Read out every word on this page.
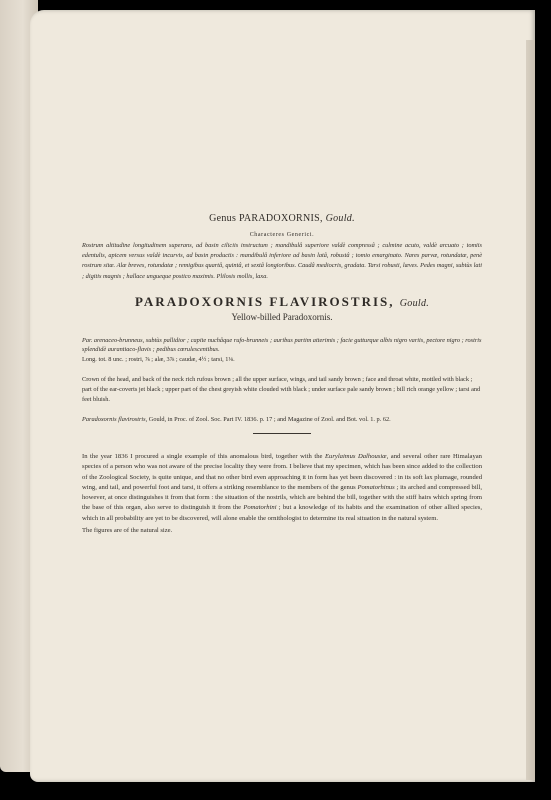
Genus PARADOXORNIS, Gould.

Characteres Generici.

Rostrum altitudine longitudinem superans, ad basin ciliciis instructum ; mandibulâ superiore valdè compressâ ; culmine acuto, valdè arcuato ; tomiis edentulis, apicem versus valdè incurvis, ad basin productis : mandibulâ inferiore ad basin latâ, robustâ ; tomio emarginato. Nares parvæ, rotundatæ, penè rostrum sitæ. Alæ breves, rotundatæ ; remigibus quartâ, quintâ, et sextâ longioribus. Caudâ mediocris, gradata. Tarsi robusti, læves. Pedes magni, subtùs lati ; digitis magnis ; hallace ungueque postico maximis. Plilosis mollis, laxa.

PARADOXORNIS FLAVIROSTRIS, Gould.

Yellow-billed Paradoxornis.

Par. arenaceo-brunneus, subtùs pallidior ; capite nuchâque rufo-brunneis ; auribus partim atterimis ; facie gutturque albis nigro variis, pectore nigro ; rostris splendidè aurantiaco-flavis ; pedibus cœrulescentibus.

Long. tot. 8 unc. ; rostri, ⅞ ; alæ, 3⅞ ; caudæ, 4½ ; tarsi, 1⅛.

Crown of the head, and back of the neck rich rufous brown ; all the upper surface, wings, and tail sandy brown ; face and throat white, mottled with black ; part of the ear-coverts jet black ; upper part of the chest greyish white clouded with black ; under surface pale sandy brown ; bill rich orange yellow ; tarsi and feet bluish.

Paradoxornis flavirostris, Gould, in Proc. of Zool. Soc. Part IV. 1836. p. 17 ; and Magazine of Zool. and Bot. vol. 1. p. 62.

In the year 1836 I procured a single example of this anomalous bird, together with the Eurylaimus Dalhousiæ, and several other rare Himalayan species of a person who was not aware of the precise locality they were from. I believe that my specimen, which has been since added to the collection of the Zoological Society, is quite unique, and that no other bird even approaching it in form has yet been discovered : in its soft lax plumage, rounded wing, and tail, and powerful foot and tarsi, it offers a striking resemblance to the members of the genus Pomatorhinus ; its arched and compressed bill, however, at once distinguishes it from that form : the situation of the nostrils, which are behind the bill, together with the stiff hairs which spring from the base of this organ, also serve to distinguish it from the Pomatorhini ; but a knowledge of its habits and the examination of other allied species, which in all probability are yet to be discovered, will alone enable the ornithologist to determine its real situation in the natural system.

The figures are of the natural size.
